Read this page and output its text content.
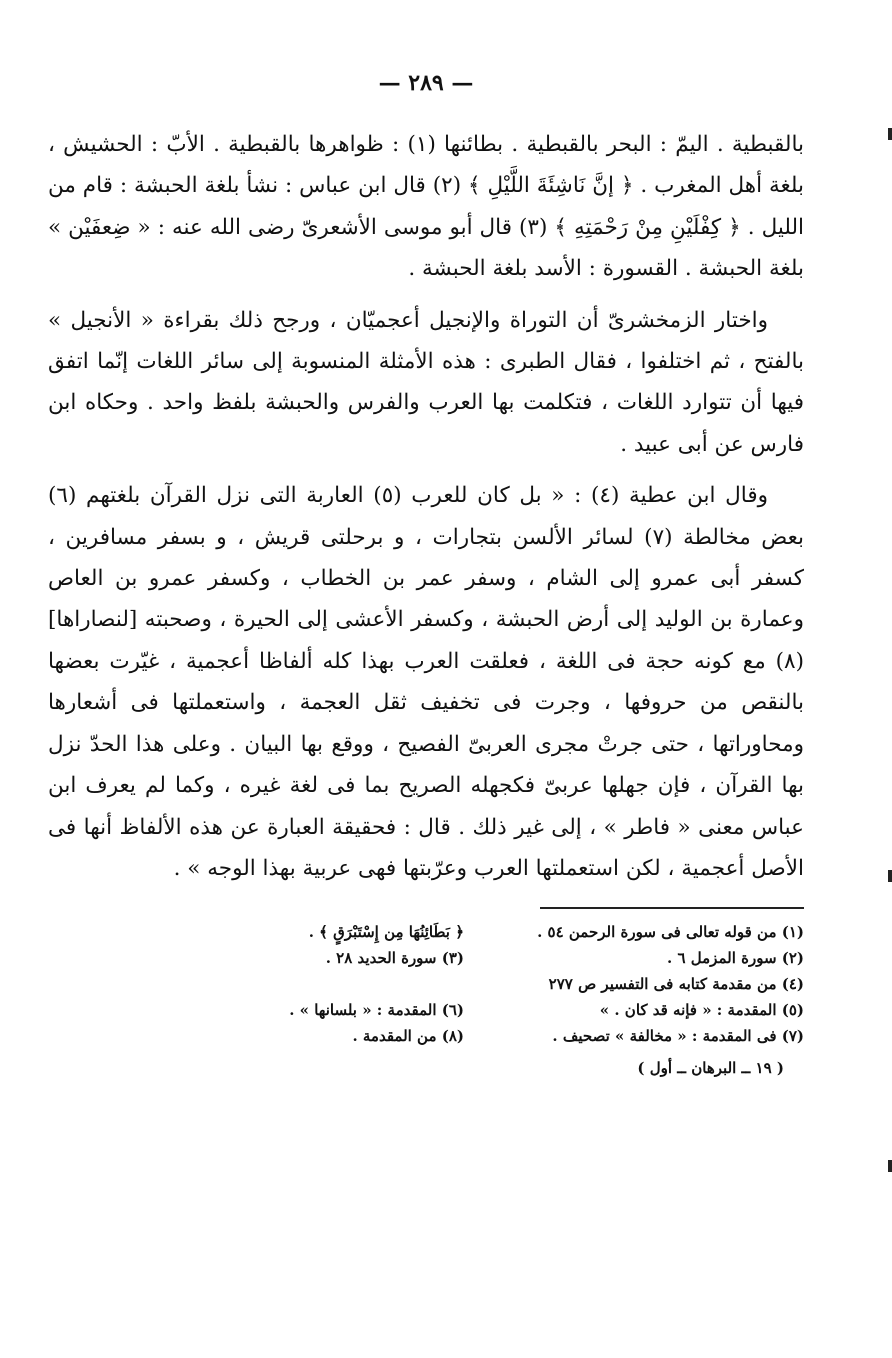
— ٢٨٩ —

بالقبطية . اليمّ : البحر بالقبطية . بطائنها (١) : ظواهرها بالقبطية . الأبّ : الحشيش ، بلغة أهل المغرب . ﴿ إنَّ نَاشِئَةَ اللَّيْلِ ﴾ (٢) قال ابن عباس : نشأ بلغة الحبشة : قام من الليل . ﴿ كِفْلَيْنِ مِنْ رَحْمَتِهِ ﴾ (٣) قال أبو موسى الأشعرىّ رضى الله عنه : « ضِعفَيْن » بلغة الحبشة . القسورة : الأسد بلغة الحبشة .

واختار الزمخشرىّ أن التوراة والإنجيل أعجميّان ، ورجح ذلك بقراءة « الأنجيل » بالفتح ، ثم اختلفوا ، فقال الطبرى : هذه الأمثلة المنسوبة إلى سائر اللغات إنّما اتفق فيها أن تتوارد اللغات ، فتكلمت بها العرب والفرس والحبشة بلفظ واحد . وحكاه ابن فارس عن أبى عبيد .

وقال ابن عطية (٤) : « بل كان للعرب (٥) العاربة التى نزل القرآن بلغتهم (٦) بعض مخالطة (٧) لسائر الألسن بتجارات ، و برحلتى قريش ، و بسفر مسافرين ، كسفر أبى عمرو إلى الشام ، وسفر عمر بن الخطاب ، وكسفر عمرو بن العاص وعمارة بن الوليد إلى أرض الحبشة ، وكسفر الأعشى إلى الحيرة ، وصحبته [لنصاراها] (٨) مع كونه حجة فى اللغة ، فعلقت العرب بهذا كله ألفاظا أعجمية ، غيّرت بعضها بالنقص من حروفها ، وجرت فى تخفيف ثقل العجمة ، واستعملتها فى أشعارها ومحاوراتها ، حتى جرتْ مجرى العربىّ الفصيح ، ووقع بها البيان . وعلى هذا الحدّ نزل بها القرآن ، فإن جهلها عربىّ فكجهله الصريح بما فى لغة غيره ، وكما لم يعرف ابن عباس معنى « فاطر » ، إلى غير ذلك . قال : فحقيقة العبارة عن هذه الألفاظ أنها فى الأصل أعجمية ، لكن استعملتها العرب وعرّبتها فهى عربية بهذا الوجه » .

(١) من قوله تعالى فى سورة الرحمن ٥٤ .
﴿ بَطَائِنُهَا مِن إِسْتَبْرَقٍ ﴾ .
(٢) سورة المزمل ٦ .
(٣) سورة الحديد ٢٨ .
(٤) من مقدمة كتابه فى التفسير ص ٢٧٧
(٥) المقدمة : « فإنه قد كان . »
(٦) المقدمة : « بلسانها » .
(٧) فى المقدمة : « مخالفة » تصحيف .
(٨) من المقدمة .
( ١٩ ــ البرهان ــ أول )
